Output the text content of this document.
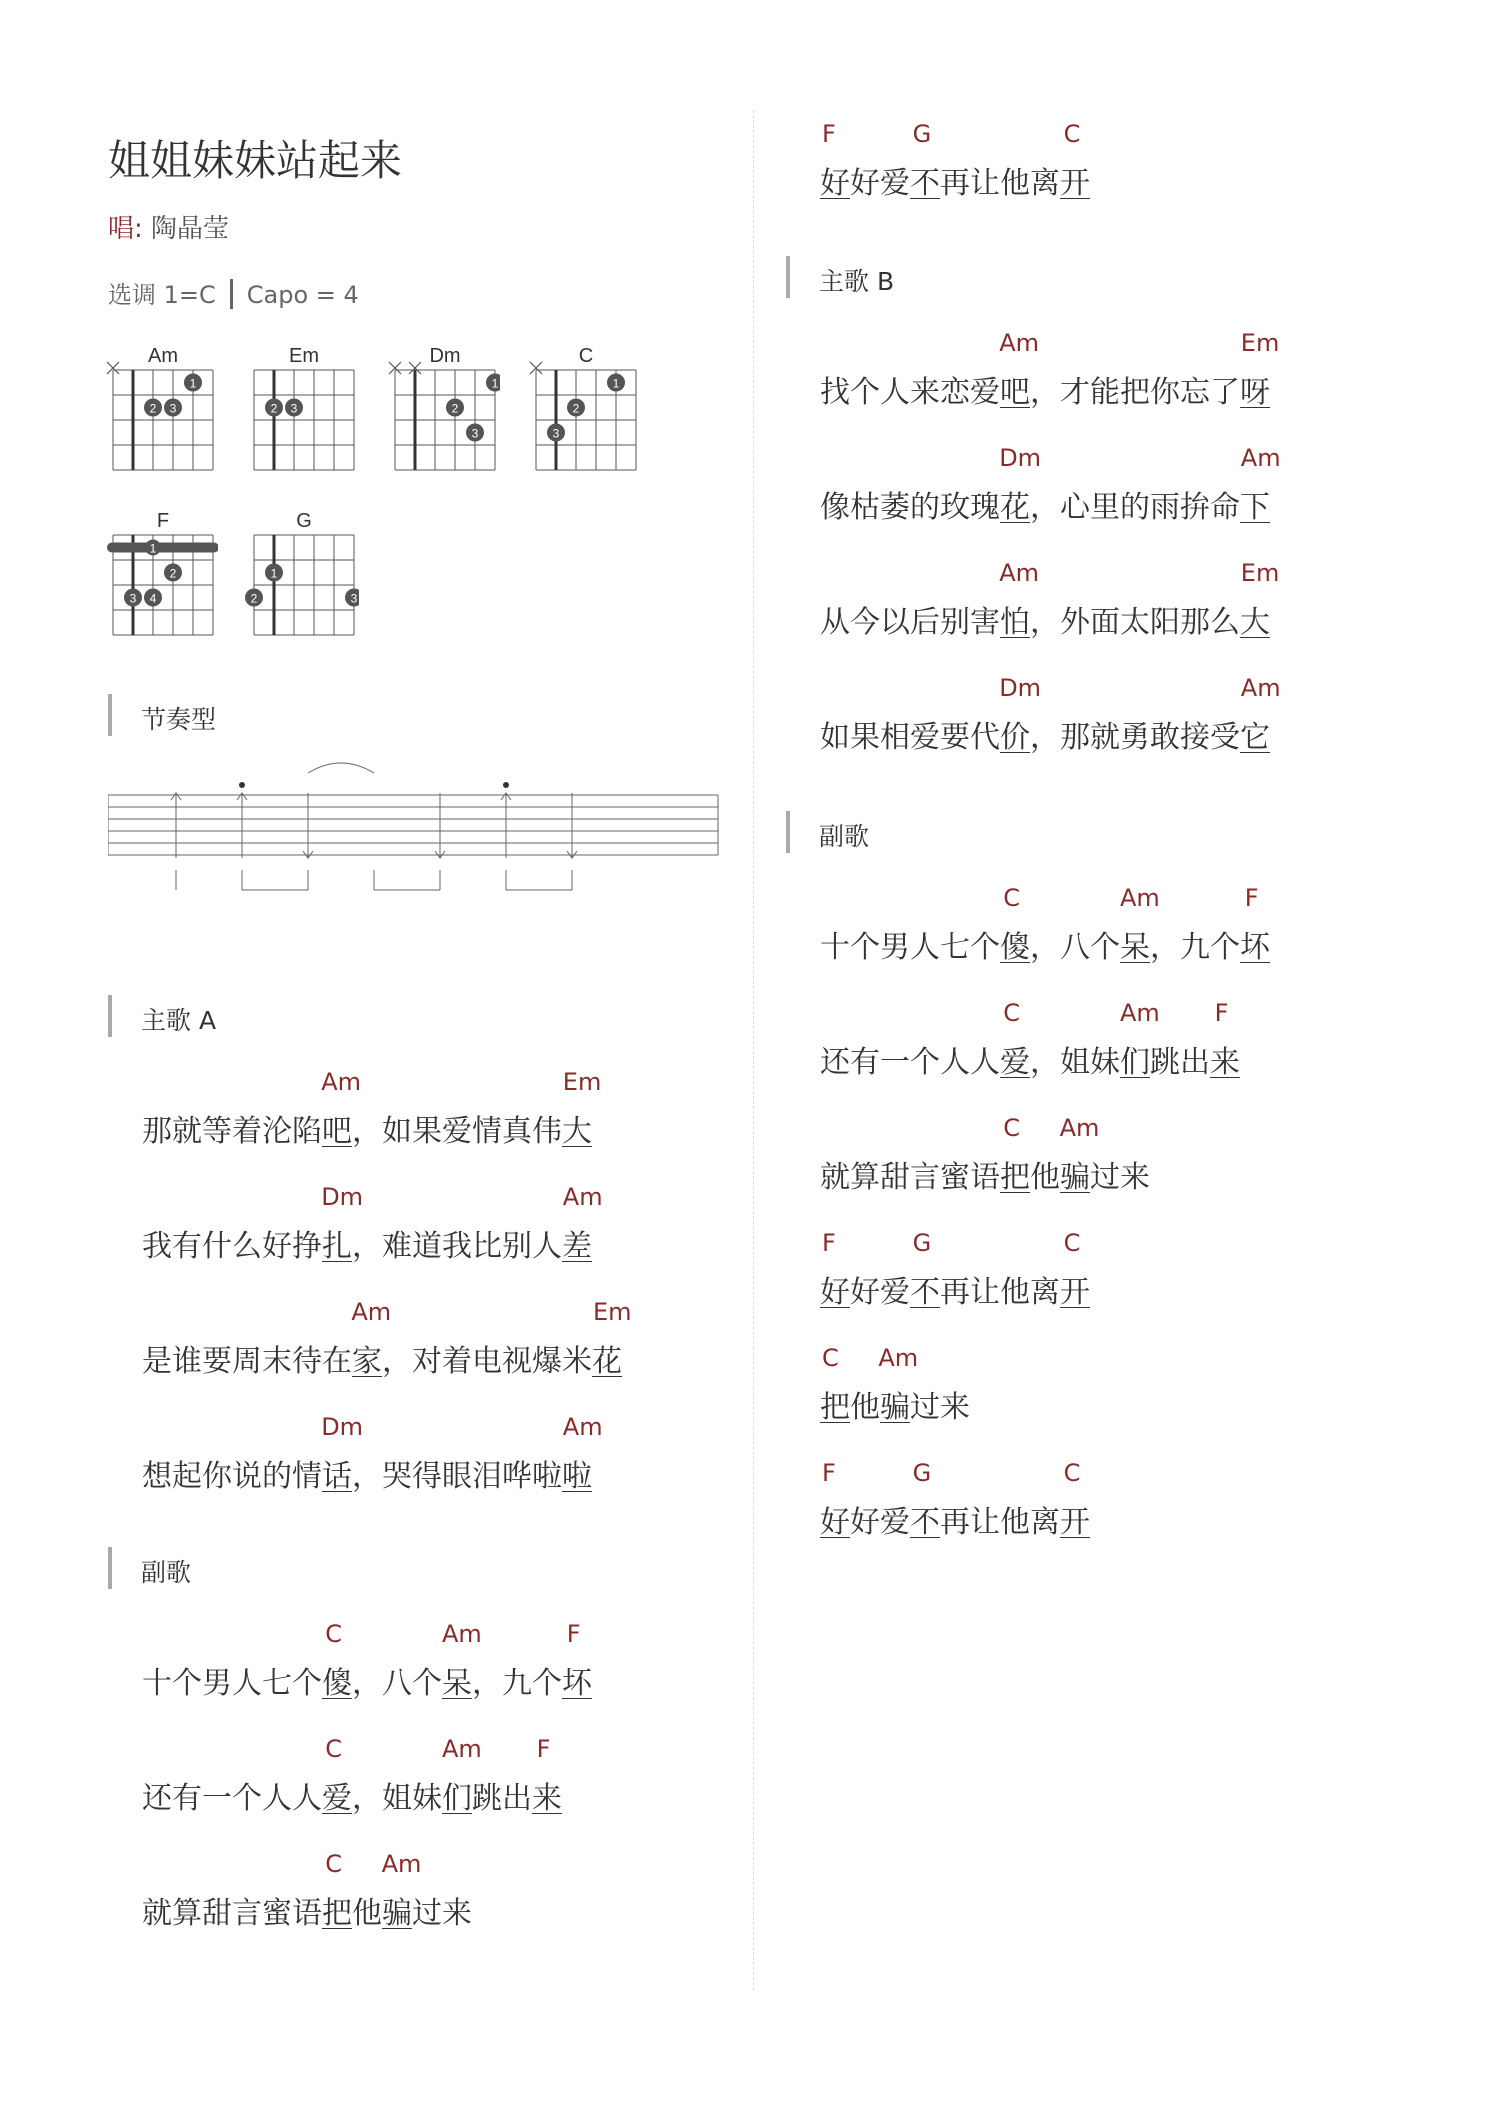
姐姐妹妹站起来
唱: 陶晶莹
选调 1=C Capo = 4
Am
1
2 3
Em
2 3
Dm
1
2
3
C
1
2
3
F
1
2
3 4
G
1
2	3
节奏型
主歌 A
Am	Em
那就等着沦陷吧，如果爱情真伟大
Dm	Am
我有什么好挣扎，难道我比别人差
Am	Em
是谁要周末待在家，对着电视爆米花
Dm	Am
想起你说的情话，哭得眼泪哗啦啦
副歌
C	Am	F
十个男人七个傻，八个呆，九个坏
C	Am F
还有一个人人爱，姐妹们跳出来
C Am
就算甜言蜜语把他骗过来
F	G	C
好好爱不再让他离开
主歌 B
Am	Em
找个人来恋爱吧，才能把你忘了呀
Dm	Am
像枯萎的玫瑰花，心里的雨拚命下
Am	Em
从今以后别害怕，外面太阳那么大
Dm	Am
如果相爱要代价，那就勇敢接受它
副歌
C	Am	F
十个男人七个傻，八个呆，九个坏
C	Am F
还有一个人人爱，姐妹们跳出来
C Am
就算甜言蜜语把他骗过来
F	G	C
好好爱不再让他离开
C Am
把他骗过来
F	G	C
好好爱不再让他离开
